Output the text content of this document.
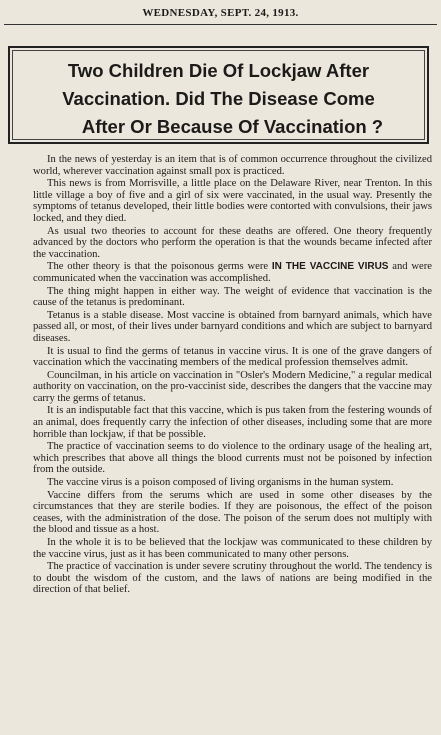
WEDNESDAY, SEPT. 24, 1913.
Two Children Die Of Lockjaw After
Vaccination. Did The Disease Come
After Or Because Of Vaccination ?

In the news of yesterday is an item that is of common occurrence throughout the civilized world, wherever vaccination against small pox is practiced.

This news is from Morrisville, a little place on the Delaware River, near Trenton. In this little village a boy of five and a girl of six were vaccinated, in the usual way. Presently the symptoms of tetanus developed, their little bodies were contorted with convulsions, their jaws locked, and they died.

As usual two theories to account for these deaths are offered. One theory frequently advanced by the doctors who perform the operation is that the wounds became infected after the vaccination.

The other theory is that the poisonous germs were IN THE VACCINE VIRUS and were communicated when the vaccination was accomplished.

The thing might happen in either way. The weight of evidence that vaccination is the cause of the tetanus is predominant.

Tetanus is a stable disease. Most vaccine is obtained from barnyard animals, which have passed all, or most, of their lives under barnyard conditions and which are subject to barnyard diseases.

It is usual to find the germs of tetanus in vaccine virus. It is one of the grave dangers of vaccination which the vaccinating members of the medical profession themselves admit.

Councilman, in his article on vaccination in "Osler's Modern Medicine," a regular medical authority on vaccination, on the pro-vaccinist side, describes the dangers that the vaccine may carry the germs of tetanus.

It is an indisputable fact that this vaccine, which is pus taken from the festering wounds of an animal, does frequently carry the infection of other diseases, including some that are more horrible than lockjaw, if that be possible.

The practice of vaccination seems to do violence to the ordinary usage of the healing art, which prescribes that above all things the blood currents must not be poisoned by infection from the outside.

The vaccine virus is a poison composed of living organisms in the human system.

Vaccine differs from the serums which are used in some other diseases by the circumstances that they are sterile bodies. If they are poisonous, the effect of the poison ceases, with the administration of the dose. The poison of the serum does not multiply with the blood and tissue as a host.

In the whole it is to be believed that the lockjaw was communicated to these children by the vaccine virus, just as it has been communicated to many other persons.

The practice of vaccination is under severe scrutiny throughout the world. The tendency is to doubt the wisdom of the custom, and the laws of nations are being modified in the direction of that belief.
